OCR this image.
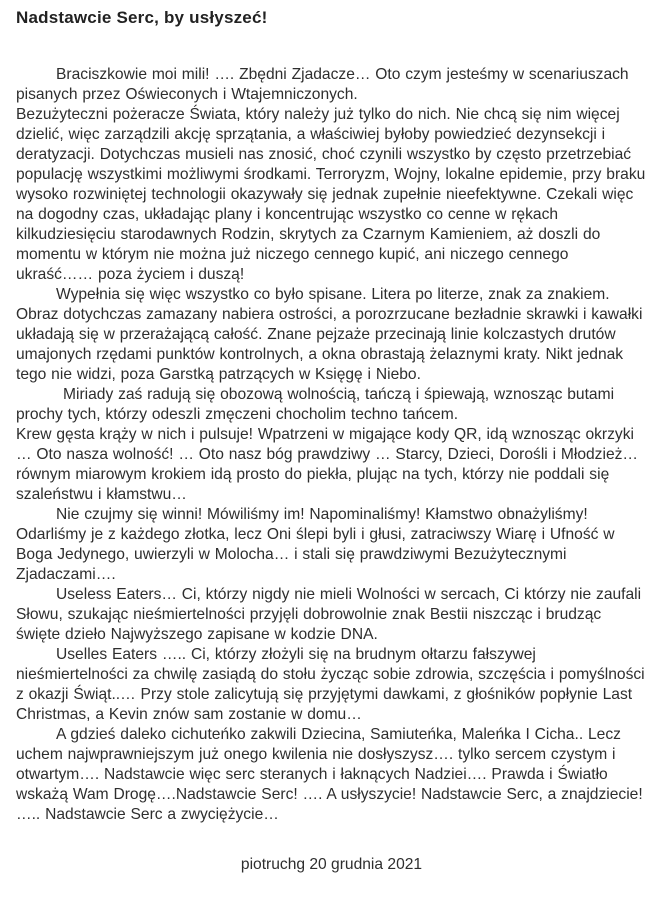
Nadstawcie Serc, by usłyszeć!

Braciszkowie moi mili! …. Zbędni Zjadacze… Oto czym jesteśmy w scenariuszach pisanych przez Oświeconych i Wtajemniczonych.

Bezużyteczni pożeracze Świata, który należy już tylko do nich. Nie chcą się nim więcej dzielić, więc zarządzili akcję sprzątania, a właściwiej byłoby powiedzieć dezynsekcji i deratyzacji. Dotychczas musieli nas znosić, choć czynili wszystko by często przetrzebiać populację wszystkimi możliwymi środkami. Terroryzm, Wojny, lokalne epidemie, przy braku wysoko rozwiniętej technologii okazywały się jednak zupełnie nieefektywne. Czekali więc na dogodny czas, układając plany i koncentrując wszystko co cenne w rękach kilkudziesięciu starodawnych Rodzin, skrytych za Czarnym Kamieniem, aż doszli do momentu w którym nie można już niczego cennego kupić, ani niczego cennego ukraść…… poza życiem i duszą!

Wypełnia się więc wszystko co było spisane. Litera po literze, znak za znakiem. Obraz dotychczas zamazany nabiera ostrości, a porozrzucane bezładnie skrawki i kawałki układają się w przerażającą całość. Znane pejzaże przecinają linie kolczastych drutów umajonych rzędami punktów kontrolnych, a okna obrastają żelaznymi kraty. Nikt jednak tego nie widzi, poza Garstką patrzących w Księgę i Niebo.

Miriady zaś radują się obozową wolnością, tańczą i śpiewają, wznosząc butami prochy tych, którzy odeszli zmęczeni chocholim techno tańcem.

Krew gęsta krąży w nich i pulsuje! Wpatrzeni w migające kody QR, idą wznosząc okrzyki … Oto nasza wolność! … Oto nasz bóg prawdziwy … Starcy, Dzieci, Dorośli i Młodzież… równym miarowym krokiem idą prosto do piekła, plując na tych, którzy nie poddali się szaleństwu i kłamstwu…

Nie czujmy się winni! Mówiliśmy im! Napominaliśmy! Kłamstwo obnażyliśmy! Odarliśmy je z każdego złotka, lecz Oni ślepi byli i głusi, zatraciwszy Wiarę i Ufność w Boga Jedynego, uwierzyli w Molocha… i stali się prawdziwymi Bezużytecznymi Zjadaczami….

Useless Eaters… Ci, którzy nigdy nie mieli Wolności w sercach, Ci którzy nie zaufali Słowu, szukając nieśmiertelności przyjęli dobrowolnie znak Bestii niszcząc i brudząc święte dzieło Najwyższego zapisane w kodzie DNA.

Uselles Eaters ….. Ci, którzy złożyli się na brudnym ołtarzu fałszywej nieśmiertelności za chwilę zasiądą do stołu życząc sobie zdrowia, szczęścia i pomyślności z okazji Świąt..… Przy stole zalicytują się przyjętymi dawkami, z głośników popłynie Last Christmas, a Kevin znów sam zostanie w domu…

A gdzieś daleko cichuteńko zakwili Dziecina, Samiuteńka, Maleńka I Cicha.. Lecz uchem najwprawniejszym już onego kwilenia nie dosłyszysz…. tylko sercem czystym i otwartym…. Nadstawcie więc serc steranych i łaknących Nadziei…. Prawda i Światło wskażą Wam Drogę….Nadstawcie Serc! …. A usłyszycie! Nadstawcie Serc, a znajdziecie! ….. Nadstawcie Serc a zwyciężycie…

piotruchg 20 grudnia 2021
